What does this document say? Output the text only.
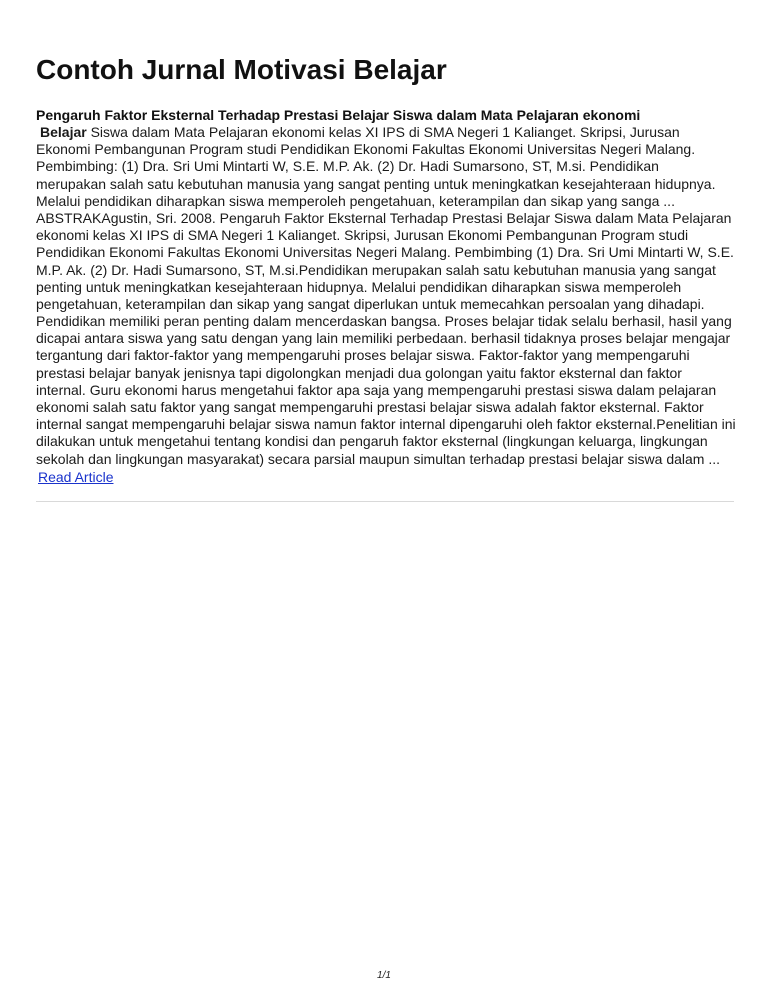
Contoh Jurnal Motivasi Belajar
Pengaruh Faktor Eksternal Terhadap Prestasi Belajar Siswa dalam Mata Pelajaran ekonomi

Belajar Siswa dalam Mata Pelajaran ekonomi kelas XI IPS di SMA Negeri 1 Kalianget. Skripsi, Jurusan
Ekonomi Pembangunan Program studi Pendidikan Ekonomi Fakultas Ekonomi Universitas Negeri Malang.
Pembimbing: (1) Dra. Sri Umi Mintarti W, S.E. M.P. Ak. (2) Dr. Hadi Sumarsono, ST, M.si. Pendidikan
merupakan salah satu kebutuhan manusia yang sangat penting untuk meningkatkan kesejahteraan hidupnya.
Melalui pendidikan diharapkan siswa memperoleh pengetahuan, keterampilan dan sikap yang sanga ...
ABSTRAKAgustin, Sri. 2008. Pengaruh Faktor Eksternal Terhadap Prestasi Belajar Siswa dalam Mata Pelajaran
ekonomi kelas XI IPS di SMA Negeri 1 Kalianget. Skripsi, Jurusan Ekonomi Pembangunan Program studi
Pendidikan Ekonomi Fakultas Ekonomi Universitas Negeri Malang. Pembimbing (1) Dra. Sri Umi Mintarti W, S.E.
M.P. Ak. (2) Dr. Hadi Sumarsono, ST, M.si.Pendidikan merupakan salah satu kebutuhan manusia yang sangat
penting untuk meningkatkan kesejahteraan hidupnya. Melalui pendidikan diharapkan siswa memperoleh
pengetahuan, keterampilan dan sikap yang sangat diperlukan untuk memecahkan persoalan yang dihadapi.
Pendidikan memiliki peran penting dalam mencerdaskan bangsa. Proses belajar tidak selalu berhasil, hasil yang
dicapai antara siswa yang satu dengan yang lain memiliki perbedaan. berhasil tidaknya proses belajar mengajar
tergantung dari faktor-faktor yang mempengaruhi proses belajar siswa. Faktor-faktor yang mempengaruhi
prestasi belajar banyak jenisnya tapi digolongkan menjadi dua golongan yaitu faktor eksternal dan faktor
internal. Guru ekonomi harus mengetahui faktor apa saja yang mempengaruhi prestasi siswa dalam pelajaran
ekonomi salah satu faktor yang sangat mempengaruhi prestasi belajar siswa adalah faktor eksternal. Faktor
internal sangat mempengaruhi belajar siswa namun faktor internal dipengaruhi oleh faktor eksternal.Penelitian ini
dilakukan untuk mengetahui tentang kondisi dan pengaruh faktor eksternal (lingkungan keluarga, lingkungan
sekolah dan lingkungan masyarakat) secara parsial maupun simultan terhadap prestasi belajar siswa dalam ...

Read Article
1/1
